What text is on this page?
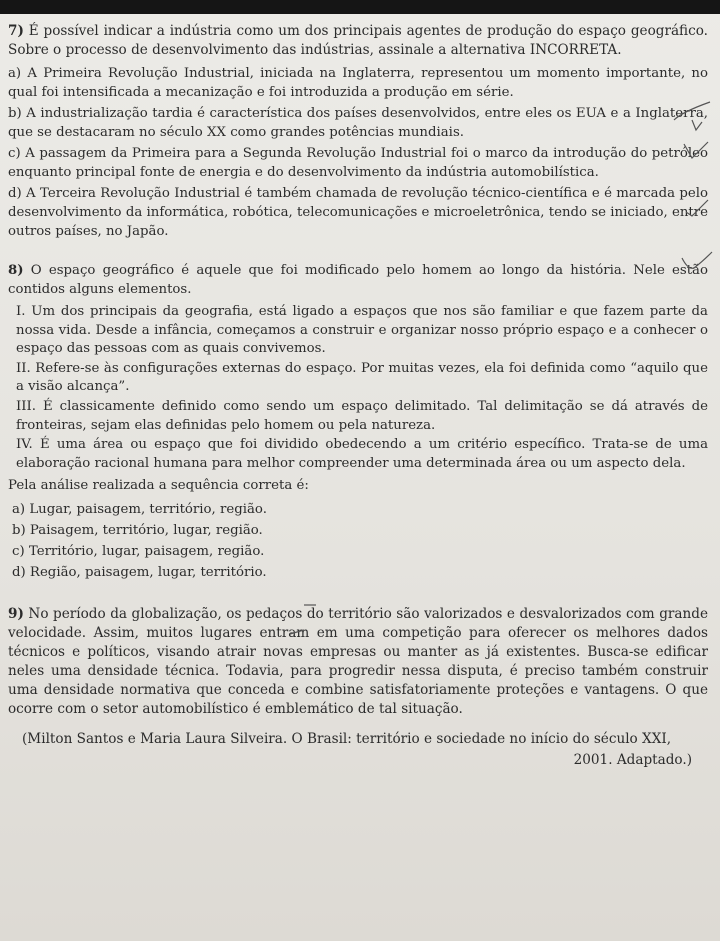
7) É possível indicar a indústria como um dos principais agentes de produção do espaço geográfico. Sobre o processo de desenvolvimento das indústrias, assinale a alternativa INCORRETA.

a) A Primeira Revolução Industrial, iniciada na Inglaterra, representou um momento importante, no qual foi intensificada a mecanização e foi introduzida a produção em série.
b) A industrialização tardia é característica dos países desenvolvidos, entre eles os EUA e a Inglaterra, que se destacaram no século XX como grandes potências mundiais.
c) A passagem da Primeira para a Segunda Revolução Industrial foi o marco da introdução do petróleo enquanto principal fonte de energia e do desenvolvimento da indústria automobilística.
d) A Terceira Revolução Industrial é também chamada de revolução técnico-científica e é marcada pelo desenvolvimento da informática, robótica, telecomunicações e microeletrônica, tendo se iniciado, entre outros países, no Japão.

8) O espaço geográfico é aquele que foi modificado pelo homem ao longo da história. Nele estão contidos alguns elementos.

I. Um dos principais da geografia, está ligado a espaços que nos são familiar e que fazem parte da nossa vida. Desde a infância, começamos a construir e organizar nosso próprio espaço e a conhecer o espaço das pessoas com as quais convivemos.
II. Refere-se às configurações externas do espaço. Por muitas vezes, ela foi definida como “aquilo que a visão alcança”.
III. É classicamente definido como sendo um espaço delimitado. Tal delimitação se dá através de fronteiras, sejam elas definidas pelo homem ou pela natureza.
IV. É uma área ou espaço que foi dividido obedecendo a um critério específico. Trata-se de uma elaboração racional humana para melhor compreender uma determinada área ou um aspecto dela.

Pela análise realizada a sequência correta é:

a) Lugar, paisagem, território, região.
b) Paisagem, território, lugar, região.
c) Território, lugar, paisagem, região.
d) Região, paisagem, lugar, território.

9) No período da globalização, os pedaços do território são valorizados e desvalorizados com grande velocidade. Assim, muitos lugares entram em uma competição para oferecer os melhores dados técnicos e políticos, visando atrair novas empresas ou manter as já existentes. Busca-se edificar neles uma densidade técnica. Todavia, para progredir nessa disputa, é preciso também construir uma densidade normativa que conceda e combine satisfatoriamente proteções e vantagens. O que ocorre com o setor automobilístico é emblemático de tal situação.

(Milton Santos e Maria Laura Silveira. O Brasil: território e sociedade no início do século XXI,
2001. Adaptado.)
